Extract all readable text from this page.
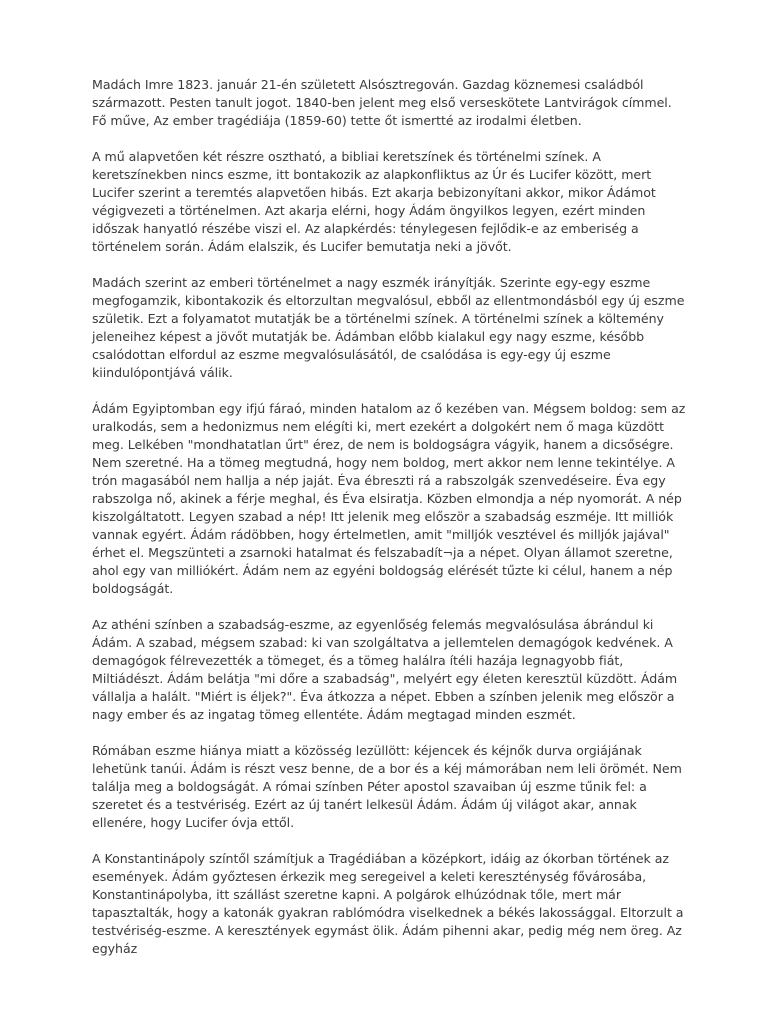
Madách Imre 1823. január 21-én született Alsósztregován. Gazdag köznemesi családból származott. Pesten tanult jogot. 1840-ben jelent meg első verseskötete Lantvirágok címmel. Fő műve, Az ember tragédiája (1859-60) tette őt ismertté az irodalmi életben.

A mű alapvetően két részre osztható, a bibliai keretszínek és történelmi színek. A keretszínekben nincs eszme, itt bontakozik az alapkonfliktus az Úr és Lucifer között, mert Lucifer szerint a teremtés alapvetően hibás. Ezt akarja bebizonyítani akkor, mikor Ádámot végigvezeti a történelmen. Azt akarja elérni, hogy Ádám öngyilkos legyen, ezért minden időszak hanyatló részébe viszi el. Az alapkérdés: ténylegesen fejlődik-e az emberiség a történelem során. Ádám elalszik, és Lucifer bemutatja neki a jövőt.

Madách szerint az emberi történelmet a nagy eszmék irányítják. Szerinte egy-egy eszme megfogamzik, kibontakozik és eltorzultan megvalósul, ebből az ellentmondásból egy új eszme születik. Ezt a folyamatot mutatják be a történelmi színek. A történelmi színek a költemény jeleneihez képest a jövőt mutatják be. Ádámban előbb kialakul egy nagy eszme, később csalódottan elfordul az eszme megvalósulásától, de csalódása is egy-egy új eszme kiindulópontjává válik.

Ádám Egyiptomban egy ifjú fáraó, minden hatalom az ő kezében van. Mégsem boldog: sem az uralkodás, sem a hedonizmus nem elégíti ki, mert ezekért a dolgokért nem ő maga küzdött meg. Lelkében "mondhatatlan űrt" érez, de nem is boldogságra vágyik, hanem a dicsőségre. Nem szeretné. Ha a tömeg megtudná, hogy nem boldog, mert akkor nem lenne tekintélye. A trón magasából nem hallja a nép jaját. Éva ébreszti rá a rabszolgák szenvedéseire. Éva egy rabszolga nő, akinek a férje meghal, és Éva elsiratja. Közben elmondja a nép nyomorát. A nép kiszolgáltatott. Legyen szabad a nép! Itt jelenik meg először a szabadság eszméje. Itt milliók vannak egyért. Ádám rádöbben, hogy értelmetlen, amit "milljók vesztével és milljók jajával" érhet el. Megszünteti a zsarnoki hatalmat és felszabadít¬ja a népet. Olyan államot szeretne, ahol egy van milliókért. Ádám nem az egyéni boldogság elérését tűzte ki célul, hanem a nép boldogságát.

Az athéni színben a szabadság-eszme, az egyenlőség felemás megvalósulása ábrándul ki Ádám. A szabad, mégsem szabad: ki van szolgáltatva a jellemtelen demagógok kedvének. A demagógok félrevezették a tömeget, és a tömeg halálra ítéli hazája legnagyobb fiát, Miltiádészt. Ádám belátja "mi dőre a szabadság", melyért egy életen keresztül küzdött. Ádám vállalja a halált. "Miért is éljek?". Éva átkozza a népet. Ebben a színben jelenik meg először a nagy ember és az ingatag tömeg ellentéte. Ádám megtagad minden eszmét.

Rómában eszme hiánya miatt a közösség lezüllött: kéjencek és kéjnők durva orgiájának lehetünk tanúi. Ádám is részt vesz benne, de a bor és a kéj mámorában nem leli örömét. Nem találja meg a boldogságát. A római színben Péter apostol szavaiban új eszme tűnik fel: a szeretet és a testvériség. Ezért az új tanért lelkesül Ádám. Ádám új világot akar, annak ellenére, hogy Lucifer óvja ettől.

A Konstantinápoly színtől számítjuk a Tragédiában a középkort, idáig az ókorban történek az események. Ádám győztesen érkezik meg seregeivel a keleti kereszténység fővárosába, Konstantinápolyba, itt szállást szeretne kapni. A polgárok elhúzódnak tőle, mert már tapasztalták, hogy a katonák gyakran rablómódra viselkednek a békés lakossággal. Eltorzult a testvériség-eszme. A keresztények egymást ölik. Ádám pihenni akar, pedig még nem öreg. Az egyház
